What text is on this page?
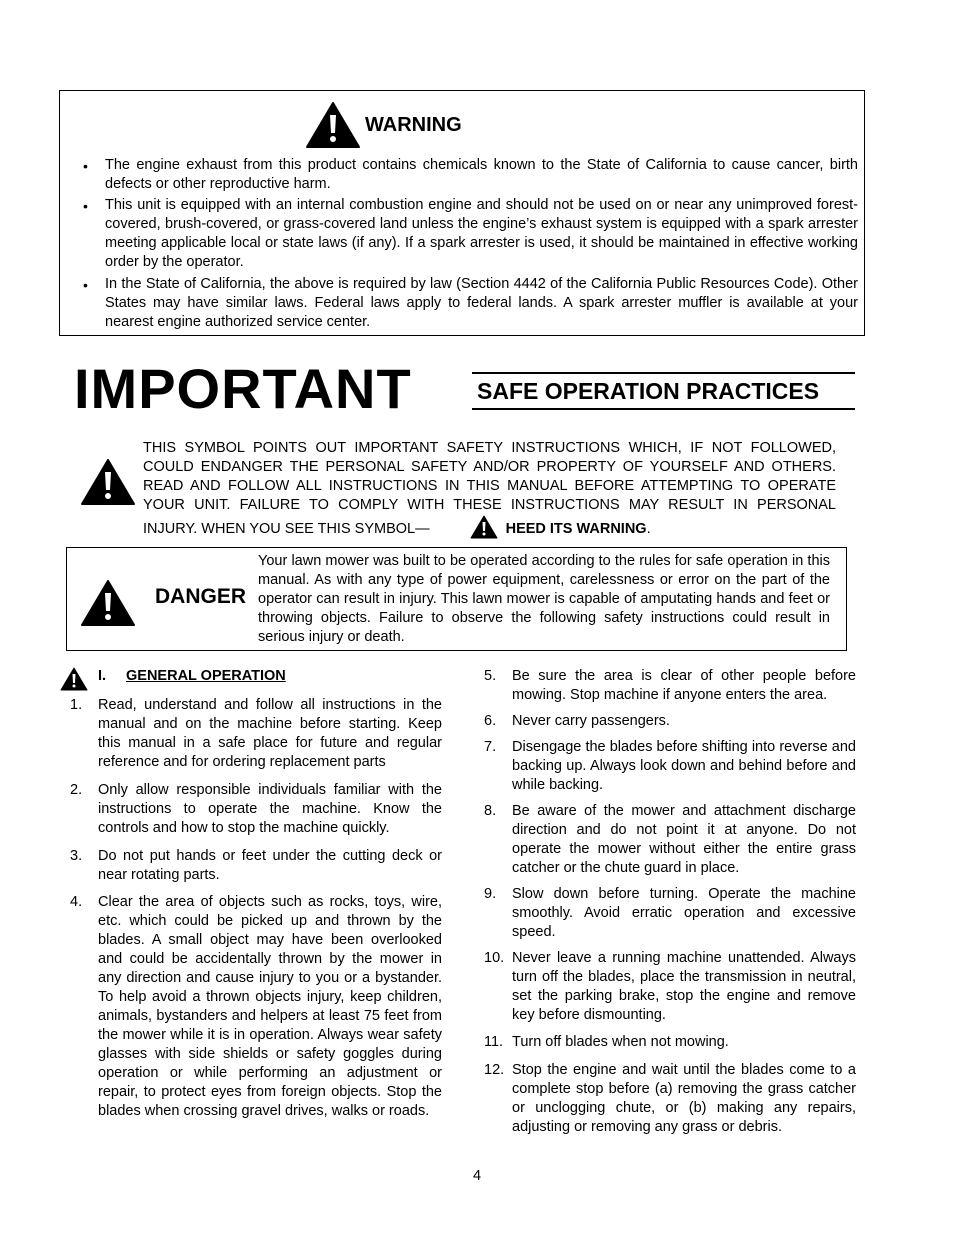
WARNING
• The engine exhaust from this product contains chemicals known to the State of California to cause cancer, birth defects or other reproductive harm.
• This unit is equipped with an internal combustion engine and should not be used on or near any unimproved forest-covered, brush-covered, or grass-covered land unless the engine’s exhaust system is equipped with a spark arrester meeting applicable local or state laws (if any). If a spark arrester is used, it should be maintained in effective working order by the operator.
• In the State of California, the above is required by law (Section 4442 of the California Public Resources Code). Other States may have similar laws. Federal laws apply to federal lands. A spark arrester muffler is available at your nearest engine authorized service center.
IMPORTANT	SAFE OPERATION PRACTICES
THIS SYMBOL POINTS OUT IMPORTANT SAFETY INSTRUCTIONS WHICH, IF NOT FOLLOWED, COULD ENDANGER THE PERSONAL SAFETY AND/OR PROPERTY OF YOURSELF AND OTHERS. READ AND FOLLOW ALL INSTRUCTIONS IN THIS MANUAL BEFORE ATTEMPTING TO OPERATE YOUR UNIT. FAILURE TO COMPLY WITH THESE INSTRUCTIONS MAY RESULT IN PERSONAL INJURY. WHEN YOU SEE THIS SYMBOL—	HEED ITS WARNING.
DANGER
Your lawn mower was built to be operated according to the rules for safe operation in this manual. As with any type of power equipment, carelessness or error on the part of the operator can result in injury. This lawn mower is capable of amputating hands and feet or throwing objects. Failure to observe the following safety instructions could result in serious injury or death.
I. GENERAL OPERATION
1. Read, understand and follow all instructions in the manual and on the machine before starting. Keep this manual in a safe place for future and regular reference and for ordering replacement parts
2. Only allow responsible individuals familiar with the instructions to operate the machine. Know the controls and how to stop the machine quickly.
3. Do not put hands or feet under the cutting deck or near rotating parts.
4. Clear the area of objects such as rocks, toys, wire, etc. which could be picked up and thrown by the blades. A small object may have been overlooked and could be accidentally thrown by the mower in any direction and cause injury to you or a bystander. To help avoid a thrown objects injury, keep children, animals, bystanders and helpers at least 75 feet from the mower while it is in operation. Always wear safety glasses with side shields or safety goggles during operation or while performing an adjustment or repair, to protect eyes from foreign objects. Stop the blades when crossing gravel drives, walks or roads.
5. Be sure the area is clear of other people before mowing. Stop machine if anyone enters the area.
6. Never carry passengers.
7. Disengage the blades before shifting into reverse and backing up. Always look down and behind before and while backing.
8. Be aware of the mower and attachment discharge direction and do not point it at anyone. Do not operate the mower without either the entire grass catcher or the chute guard in place.
9. Slow down before turning. Operate the machine smoothly. Avoid erratic operation and excessive speed.
10. Never leave a running machine unattended. Always turn off the blades, place the transmission in neutral, set the parking brake, stop the engine and remove key before dismounting.
11. Turn off blades when not mowing.
12. Stop the engine and wait until the blades come to a complete stop before (a) removing the grass catcher or unclogging chute, or (b) making any repairs, adjusting or removing any grass or debris.
4
